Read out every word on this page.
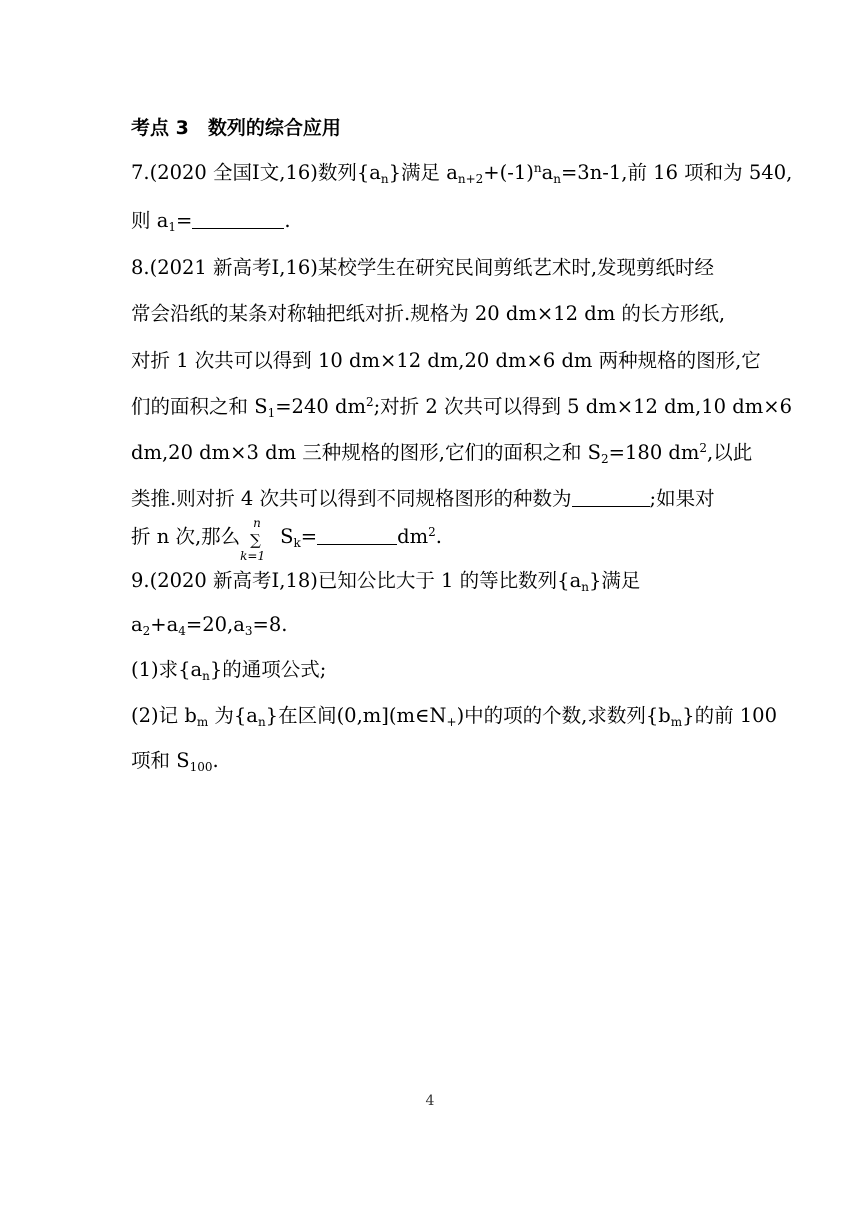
考点 3　数列的综合应用
7.(2020 全国Ⅰ文,16)数列$\{a_n\}$满足 $a_{n+2}+(-1)^na_n=3n-1$,前 16 项和为 540,
则 $a_1=$	.
8.(2021 新高考Ⅰ,16)某校学生在研究民间剪纸艺术时,发现剪纸时经
常会沿纸的某条对称轴把纸对折.规格为 20 dm×12 dm 的长方形纸,
对折 1 次共可以得到 10 dm×12 dm,20 dm×6 dm 两种规格的图形,它
们的面积之和 $S_1=240$ $dm^2$;对折 2 次共可以得到 5 dm×12 dm,10 dm×6
dm,20 dm×3 dm 三种规格的图形,它们的面积之和 $S_2=180$ $dm^2$,以此
类推.则对折 4 次共可以得到不同规格图形的种数为	;如果对
折 n 次,那么
n
∑
k=1
$S_k=$	$dm^2$.
9.(2020 新高考Ⅰ,18)已知公比大于 1 的等比数列$\{a_n\}$满足
$a_2+a_4=20,a_3=8$.
(1)求$\{a_n\}$的通项公式;
(2)记 $b_m$ 为$\{a_n\}$在区间$(0,m](m\in N_+)$中的项的个数,求数列$\{b_m\}$的前 100
项和 $S_{100}$.
4
